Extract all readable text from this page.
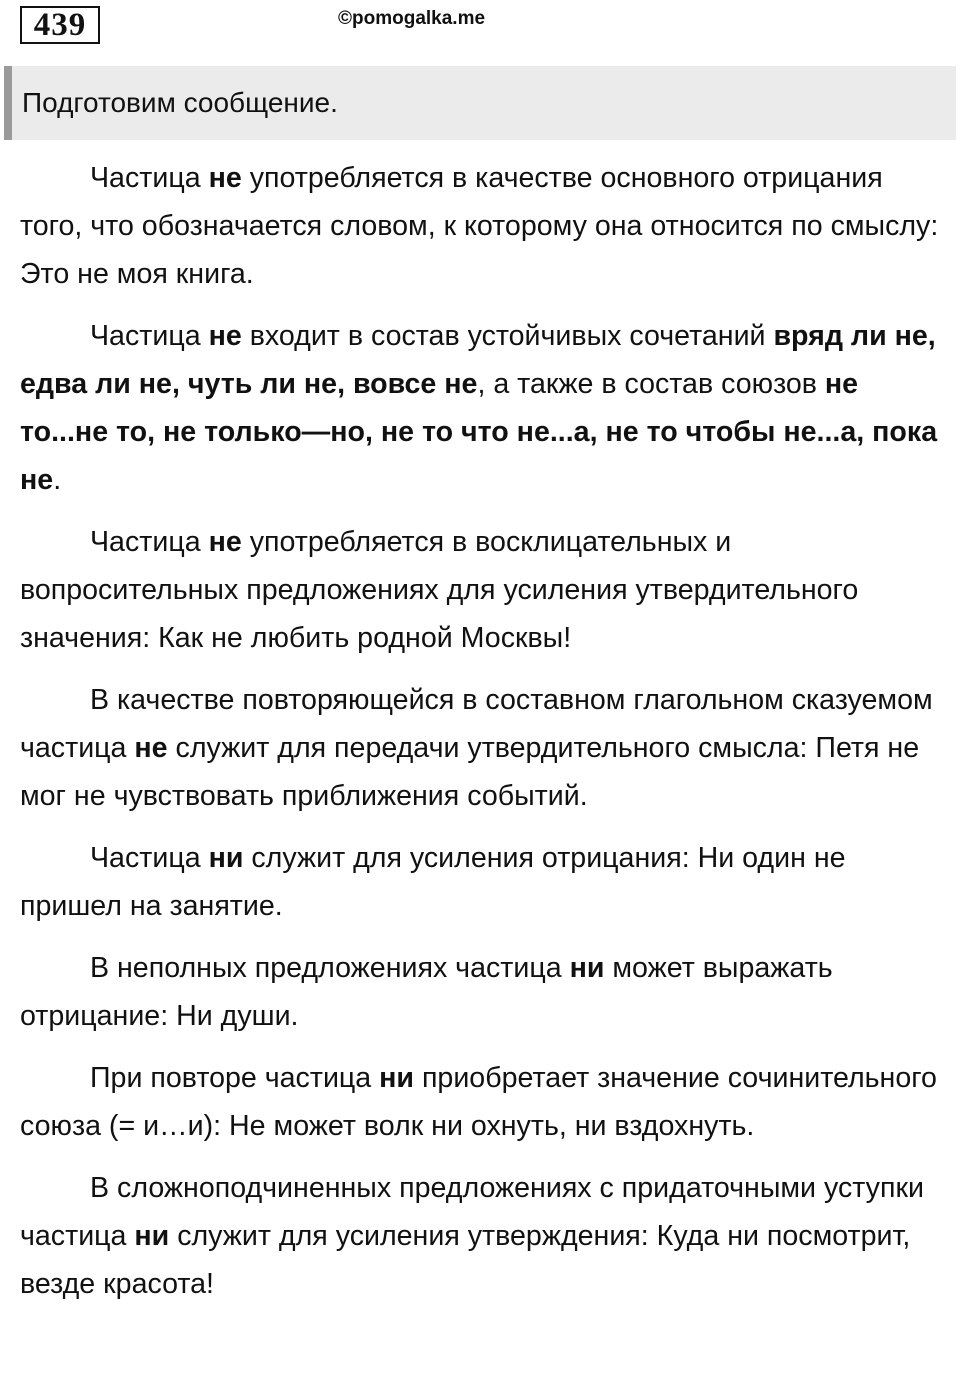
439	©pomogalka.me
Подготовим сообщение.

Частица не употребляется в качестве основного отрицания того, что обозначается словом, к которому она относится по смыслу: Это не моя книга.

Частица не входит в состав устойчивых сочетаний вряд ли не, едва ли не, чуть ли не, вовсе не, а также в состав союзов не то...не то, не только—но, не то что не...а, не то чтобы не...а, пока не.

Частица не употребляется в восклицательных и вопросительных предложениях для усиления утвердительного значения: Как не любить родной Москвы!

В качестве повторяющейся в составном глагольном сказуемом частица не служит для передачи утвердительного смысла: Петя не мог не чувствовать приближения событий.

Частица ни служит для усиления отрицания: Ни один не пришел на занятие.

В неполных предложениях частица ни может выражать отрицание: Ни души.

При повторе частица ни приобретает значение сочинительного союза (= и…и): Не может волк ни охнуть, ни вздохнуть.

В сложноподчиненных предложениях с придаточными уступки частица ни служит для усиления утверждения: Куда ни посмотрит, везде красота!
